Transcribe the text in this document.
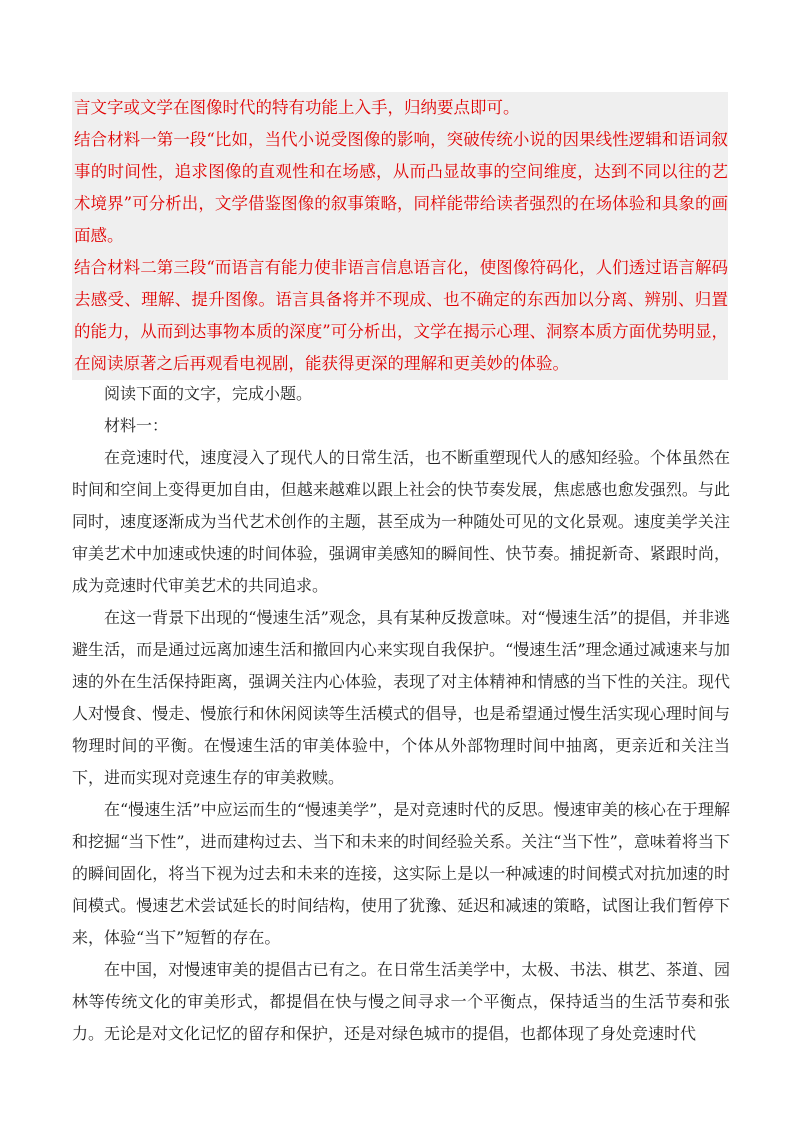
言文字或文学在图像时代的特有功能上入手，归纳要点即可。

结合材料一第一段“比如，当代小说受图像的影响，突破传统小说的因果线性逻辑和语词叙事的时间性，追求图像的直观性和在场感，从而凸显故事的空间维度，达到不同以往的艺术境界”可分析出，文学借鉴图像的叙事策略，同样能带给读者强烈的在场体验和具象的画面感。

结合材料二第三段“而语言有能力使非语言信息语言化，使图像符码化，人们透过语言解码去感受、理解、提升图像。语言具备将并不现成、也不确定的东西加以分离、辨别、归置的能力，从而到达事物本质的深度”可分析出，文学在揭示心理、洞察本质方面优势明显，在阅读原著之后再观看电视剧，能获得更深的理解和更美妙的体验。

阅读下面的文字，完成小题。

材料一：

在竞速时代，速度浸入了现代人的日常生活，也不断重塑现代人的感知经验。个体虽然在时间和空间上变得更加自由，但越来越难以跟上社会的快节奏发展，焦虑感也愈发强烈。与此同时，速度逐渐成为当代艺术创作的主题，甚至成为一种随处可见的文化景观。速度美学关注审美艺术中加速或快速的时间体验，强调审美感知的瞬间性、快节奏。捕捉新奇、紧跟时尚，成为竞速时代审美艺术的共同追求。

在这一背景下出现的“慢速生活”观念，具有某种反拨意味。对“慢速生活”的提倡，并非逃避生活，而是通过远离加速生活和撤回内心来实现自我保护。“慢速生活”理念通过减速来与加速的外在生活保持距离，强调关注内心体验，表现了对主体精神和情感的当下性的关注。现代人对慢食、慢走、慢旅行和休闲阅读等生活模式的倡导，也是希望通过慢生活实现心理时间与物理时间的平衡。在慢速生活的审美体验中，个体从外部物理时间中抽离，更亲近和关注当下，进而实现对竞速生存的审美救赎。

在“慢速生活”中应运而生的“慢速美学”，是对竞速时代的反思。慢速审美的核心在于理解和挖掘“当下性”，进而建构过去、当下和未来的时间经验关系。关注“当下性”，意味着将当下的瞬间固化，将当下视为过去和未来的连接，这实际上是以一种减速的时间模式对抗加速的时间模式。慢速艺术尝试延长的时间结构，使用了犹豫、延迟和减速的策略，试图让我们暂停下来，体验“当下”短暂的存在。

在中国，对慢速审美的提倡古已有之。在日常生活美学中，太极、书法、棋艺、茶道、园林等传统文化的审美形式，都提倡在快与慢之间寻求一个平衡点，保持适当的生活节奏和张力。无论是对文化记忆的留存和保护，还是对绿色城市的提倡，也都体现了身处竞速时代
